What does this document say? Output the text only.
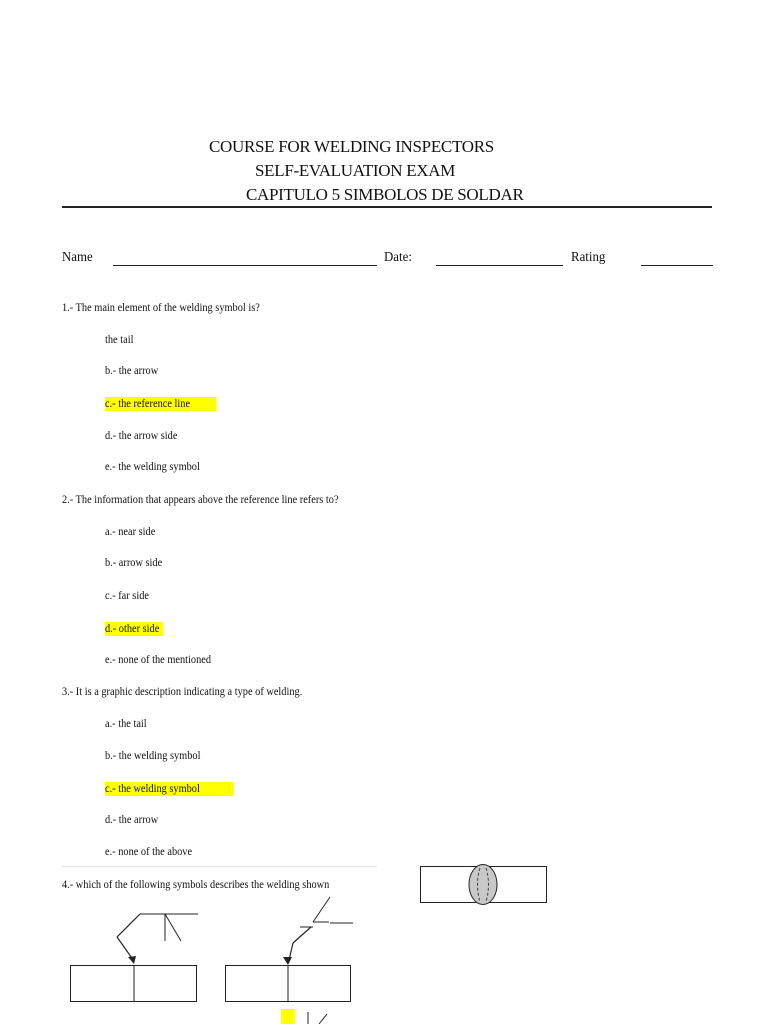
COURSE FOR WELDING INSPECTORS
SELF-EVALUATION EXAM
CAPITULO 5 SIMBOLOS DE SOLDAR
Name	Date:	Rating
1.- The main element of the welding symbol is?
the tail
b.- the arrow
c.- the reference line
d.- the arrow side
e.- the welding symbol
2.- The information that appears above the reference line refers to?
a.- near side
b.- arrow side
c.- far side
d.- other side
e.- none of the mentioned
3.- It is a graphic description indicating a type of welding.
a.- the tail
b.- the welding symbol
c.- the welding symbol
d.- the arrow
e.- none of the above
4.- which of the following symbols describes the welding shown
